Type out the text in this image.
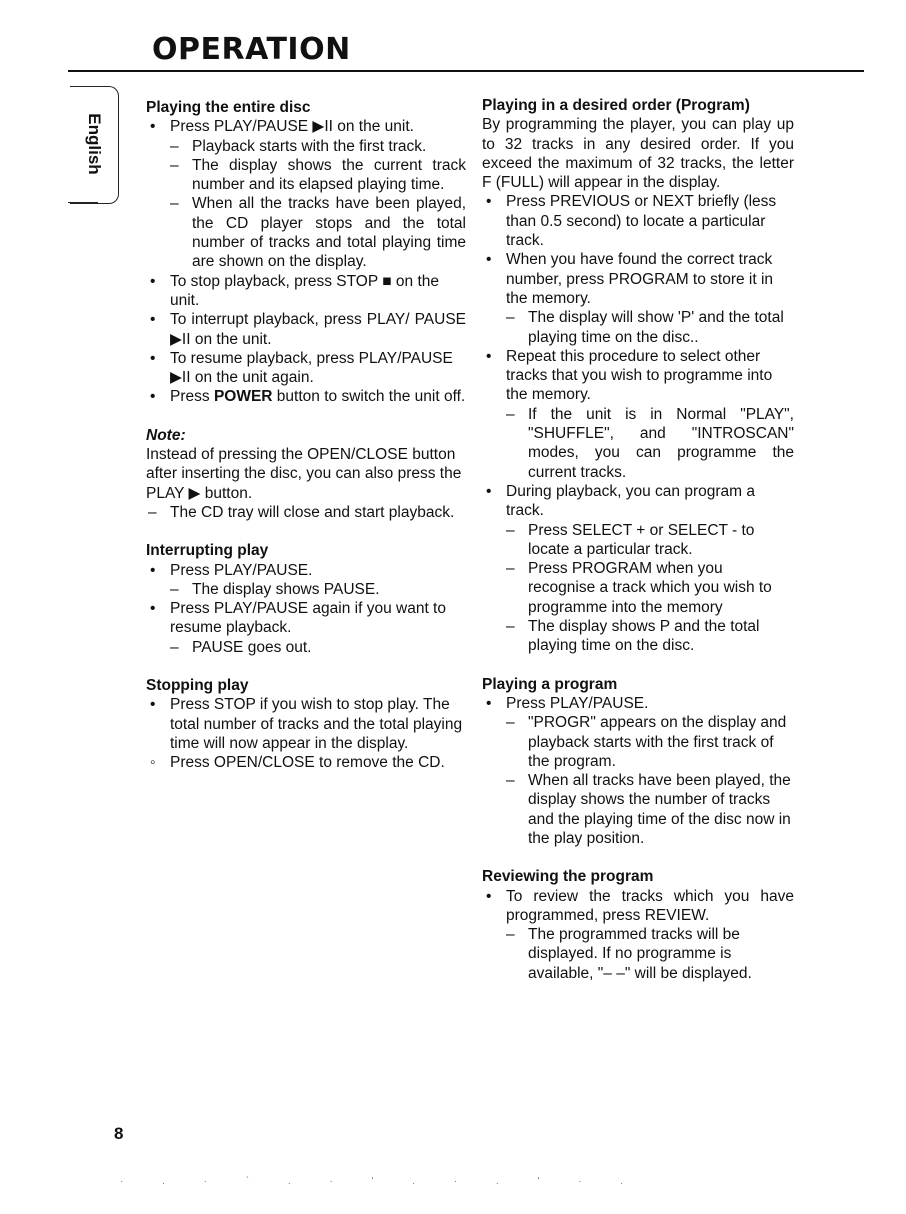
OPERATION
English

Playing the entire disc

• Press PLAY/PAUSE ▶II on the unit.

– Playback starts with the first track.

– The display shows the current track number and its elapsed playing time.

– When all the tracks have been played, the CD player stops and the total number of tracks and total playing time are shown on the display.

• To stop playback, press STOP ■ on the unit.

• To interrupt playback, press PLAY/ PAUSE ▶II on the unit.

• To resume playback, press PLAY/PAUSE ▶II on the unit again.

• Press POWER button to switch the unit off.

Note:

Instead of pressing the OPEN/CLOSE button after inserting the disc, you can also press the PLAY ▶ button.

– The CD tray will close and start playback.

Interrupting play

• Press PLAY/PAUSE.

– The display shows PAUSE.

• Press PLAY/PAUSE again if you want to resume playback.

– PAUSE goes out.

Stopping play

• Press STOP if you wish to stop play. The total number of tracks and the total playing time will now appear in the display.

◦ Press OPEN/CLOSE to remove the CD.

Playing in a desired order (Program)

By programming the player, you can play up to 32 tracks in any desired order. If you exceed the maximum of 32 tracks, the letter F (FULL) will appear in the display.

• Press PREVIOUS or NEXT briefly (less than 0.5 second) to locate a particular track.

• When you have found the correct track number, press PROGRAM to store it in the memory.

– The display will show 'P' and the total playing time on the disc..

• Repeat this procedure to select other tracks that you wish to programme into the memory.

– If the unit is in Normal "PLAY", "SHUFFLE", and "INTROSCAN" modes, you can programme the current tracks.

• During playback, you can program a track.

– Press SELECT + or SELECT - to locate a particular track.

– Press PROGRAM when you recognise a track which you wish to programme into the memory

– The display shows P and the total playing time on the disc.

Playing a program

• Press PLAY/PAUSE.

– "PROGR" appears on the display and playback starts with the first track of the program.

– When all tracks have been played, the display shows the number of tracks and the playing time of the disc now in the play position.

Reviewing the program

• To review the tracks which you have programmed, press REVIEW.

– The programmed tracks will be displayed. If no programme is available, "– –" will be displayed.

8
· . · ` . · ' . · . ' · .
